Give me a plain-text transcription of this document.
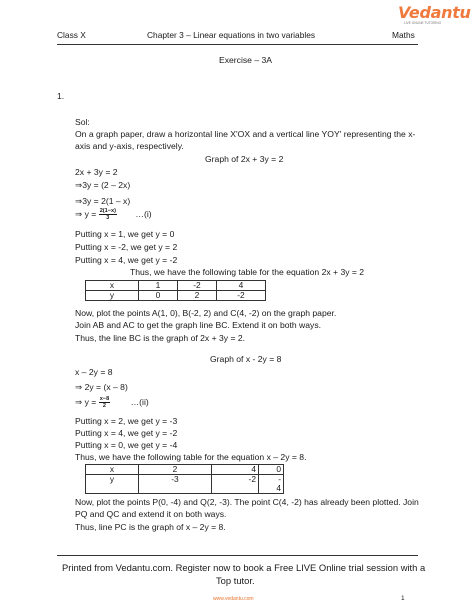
Class X	Chapter 3 – Linear equations in two variables	Maths
Vedantu
LIVE ONLINE TUTORING
Exercise – 3A
1.
Sol:
On a graph paper, draw a horizontal line X'OX and a vertical line YOY' representing the x-
axis and y-axis, respectively.
Graph of 2x + 3y = 2
2x + 3y = 2
⇒3y = (2 – 2x)
⇒3y = 2(1 – x)
⇒ $y = \frac{2(1-x)}{3}$ …(i)
Putting x = 1, we get y = 0
Putting x = -2, we get y = 2
Putting x = 4, we get y = -2
Thus, we have the following table for the equation 2x + 3y = 2
x	1	-2	4
y	0	2	-2
Now, plot the points A(1, 0), B(-2, 2) and C(4, -2) on the graph paper.
Join AB and AC to get the graph line BC. Extend it on both ways.
Thus, the line BC is the graph of 2x + 3y = 2.
Graph of x - 2y = 8
x – 2y = 8
⇒ 2y = (x – 8)
⇒ $y = \frac{x-8}{2}$ …(ii)
Putting x = 2, we get y = -3
Putting x = 4, we get y = -2
Putting x = 0, we get y = -4
Thus, we have the following table for the equation x – 2y = 8.
x	2	4	0
y	-3	-2	-
4
Now, plot the points P(0, -4) and Q(2, -3). The point C(4, -2) has already been plotted. Join
PQ and QC and extend it on both ways.
Thus, line PC is the graph of x – 2y = 8.
Printed from Vedantu.com. Register now to book a Free LIVE Online trial session with a
Top tutor.
www.vedantu.com	1
